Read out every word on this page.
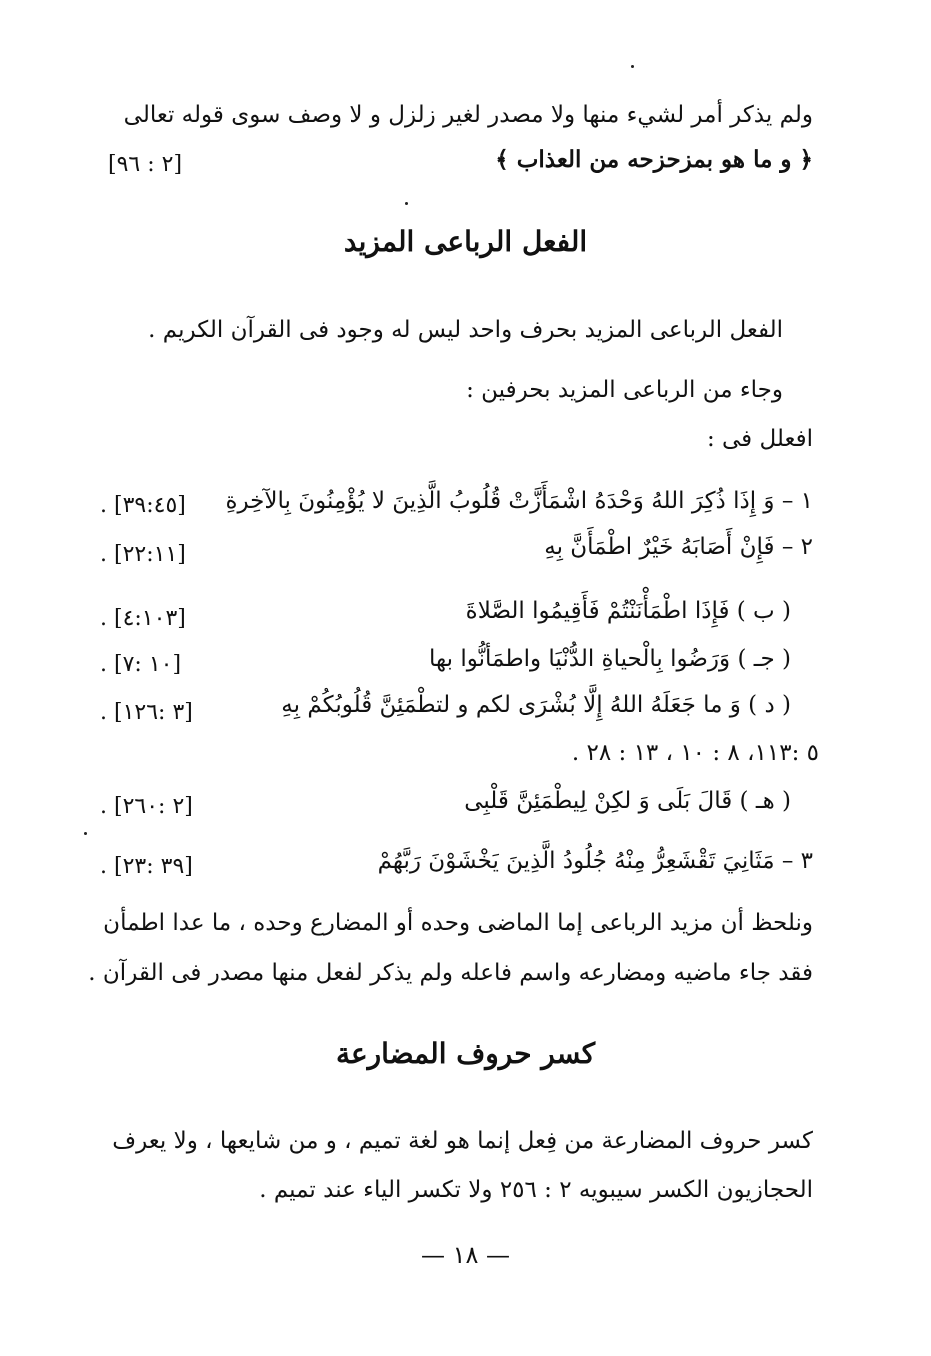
ولم يذكر أمر لشيء منها ولا مصدر لغير زلزل و لا وصف سوى قوله تعالى
﴿ و ما هو بمزحزحه من العذاب ﴾
[٢ : ٩٦]
الفعل الرباعى المزيد
الفعل الرباعى المزيد بحرف واحد ليس له وجود فى القرآن الكريم .
وجاء من الرباعى المزيد بحرفين :
افعلل فى :
١ – وَ إِذَا ذُكِرَ اللهُ وَحْدَهُ اشْمَأَزَّتْ قُلُوبُ الَّذِينَ لا يُؤْمِنُونَ بِالآخِرةِ
[٣٩:٤٥] .
٢ – فَإِنْ أَصَابَهُ خَيْرٌ اطْمَأَنَّ بِهِ
[٢٢:١١] .
( ب ) فَإِذَا اطْمَأْنَنْتُمْ فَأَقِيمُوا الصَّلاةَ
[٤:١٠٣] .
( جـ ) وَرَضُوا بِالْحياةِ الدُّنْيَا واطمَأنُّوا بها
[١٠ :٧] .
( د ) وَ ما جَعَلَهُ اللهُ إِلَّا بُشْرَى لكم و لتطْمَئِنَّ قُلُوبُكُمْ بِهِ
[٣ :١٢٦] .
٥ :١١٣، ٨ : ١٠ ، ١٣ : ٢٨ .
( هـ ) قَالَ بَلَى وَ لكِنْ لِيطْمَئِنَّ قَلْبِى
[٢ :٢٦٠] .
٣ – مَثَانِيَ تَقْشَعِرُّ مِنْهُ جُلُودُ الَّذِينَ يَخْشَوْنَ رَبَّهُمْ
[٣٩ :٢٣] .
ونلحظ أن مزيد الرباعى إما الماضى وحده أو المضارع وحده ، ما عدا اطمأن
فقد جاء ماضيه ومضارعه واسم فاعله ولم يذكر لفعل منها مصدر فى القرآن .
كسر حروف المضارعة
كسر حروف المضارعة من فِعل إنما هو لغة تميم ، و من شايعها ، ولا يعرف
الحجازيون الكسر سيبويه ٢ : ٢٥٦ ولا تكسر الياء عند تميم .
— ١٨ —
